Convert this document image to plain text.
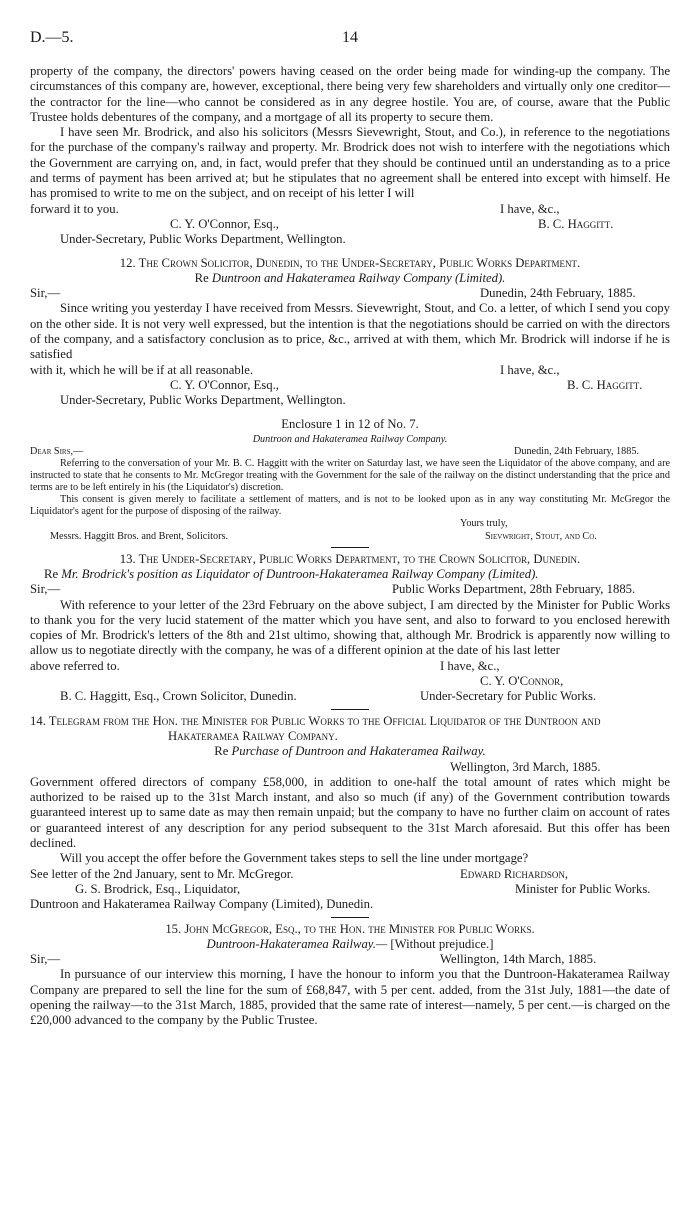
D.—5.	14

property of the company, the directors' powers having ceased on the order being made for winding-up the company. The circumstances of this company are, however, exceptional, there being very few shareholders and virtually only one creditor—the contractor for the line—who cannot be considered as in any degree hostile. You are, of course, aware that the Public Trustee holds debentures of the company, and a mortgage of all its property to secure them.

I have seen Mr. Brodrick, and also his solicitors (Messrs Sievewright, Stout, and Co.), in reference to the negotiations for the purchase of the company's railway and property. Mr. Brodrick does not wish to interfere with the negotiations which the Government are carrying on, and, in fact, would prefer that they should be continued until an understanding as to a price and terms of payment has been arrived at; but he stipulates that no agreement shall be entered into except with himself. He has promised to write to me on the subject, and on receipt of his letter I will

forward it to you.	I have, &c.,
C. Y. O'Connor, Esq.,	B. C. Haggitt.
Under-Secretary, Public Works Department, Wellington.

12. The Crown Solicitor, Dunedin, to the Under-Secretary, Public Works Department.

Re Duntroon and Hakateramea Railway Company (Limited).

Sir,—	Dunedin, 24th February, 1885.

Since writing you yesterday I have received from Messrs. Sievewright, Stout, and Co. a letter, of which I send you copy on the other side. It is not very well expressed, but the intention is that the negotiations should be carried on with the directors of the company, and a satisfactory conclusion as to price, &c., arrived at with them, which Mr. Brodrick will indorse if he is satisfied

with it, which he will be if at all reasonable.	I have, &c.,
C. Y. O'Connor, Esq.,	B. C. Haggitt.
Under-Secretary, Public Works Department, Wellington.

Enclosure 1 in 12 of No. 7.

Duntroon and Hakateramea Railway Company.

Dear Sirs,—	Dunedin, 24th February, 1885.

Referring to the conversation of your Mr. B. C. Haggitt with the writer on Saturday last, we have seen the Liquidator of the above company, and are instructed to state that he consents to Mr. McGregor treating with the Government for the sale of the railway on the distinct understanding that the price and terms are to be left entirely in his (the Liquidator's) discretion.

This consent is given merely to facilitate a settlement of matters, and is not to be looked upon as in any way constituting Mr. McGregor the Liquidator's agent for the purpose of disposing of the railway.

Yours truly,
Messrs. Haggitt Bros. and Brent, Solicitors.	Sievwright, Stout, and Co.

13. The Under-Secretary, Public Works Department, to the Crown Solicitor, Dunedin.

Re Mr. Brodrick's position as Liquidator of Duntroon-Hakateramea Railway Company (Limited).

Sir,—	Public Works Department, 28th February, 1885.

With reference to your letter of the 23rd February on the above subject, I am directed by the Minister for Public Works to thank you for the very lucid statement of the matter which you have sent, and also to forward to you enclosed herewith copies of Mr. Brodrick's letters of the 8th and 21st ultimo, showing that, although Mr. Brodrick is apparently now willing to allow us to negotiate directly with the company, he was of a different opinion at the date of his last letter

above referred to.	I have, &c.,
C. Y. O'Connor,
B. C. Haggitt, Esq., Crown Solicitor, Dunedin.	Under-Secretary for Public Works.

14. Telegram from the Hon. the Minister for Public Works to the Official Liquidator of the Duntroon and Hakateramea Railway Company.

Re Purchase of Duntroon and Hakateramea Railway.

Wellington, 3rd March, 1885.

Government offered directors of company £58,000, in addition to one-half the total amount of rates which might be authorized to be raised up to the 31st March instant, and also so much (if any) of the Government contribution towards guaranteed interest up to same date as may then remain unpaid; but the company to have no further claim on account of rates or guaranteed interest of any description for any period subsequent to the 31st March aforesaid. But this offer has been declined.

Will you accept the offer before the Government takes steps to sell the line under mortgage?

See letter of the 2nd January, sent to Mr. McGregor.	Edward Richardson,
G. S. Brodrick, Esq., Liquidator,	Minister for Public Works.
Duntroon and Hakateramea Railway Company (Limited), Dunedin.

15. John McGregor, Esq., to the Hon. the Minister for Public Works.

Duntroon-Hakateramea Railway.— [Without prejudice.]

Sir,—	Wellington, 14th March, 1885.

In pursuance of our interview this morning, I have the honour to inform you that the Duntroon-Hakateramea Railway Company are prepared to sell the line for the sum of £68,847, with 5 per cent. added, from the 31st July, 1881—the date of opening the railway—to the 31st March, 1885, provided that the same rate of interest—namely, 5 per cent.—is charged on the £20,000 advanced to the company by the Public Trustee.
